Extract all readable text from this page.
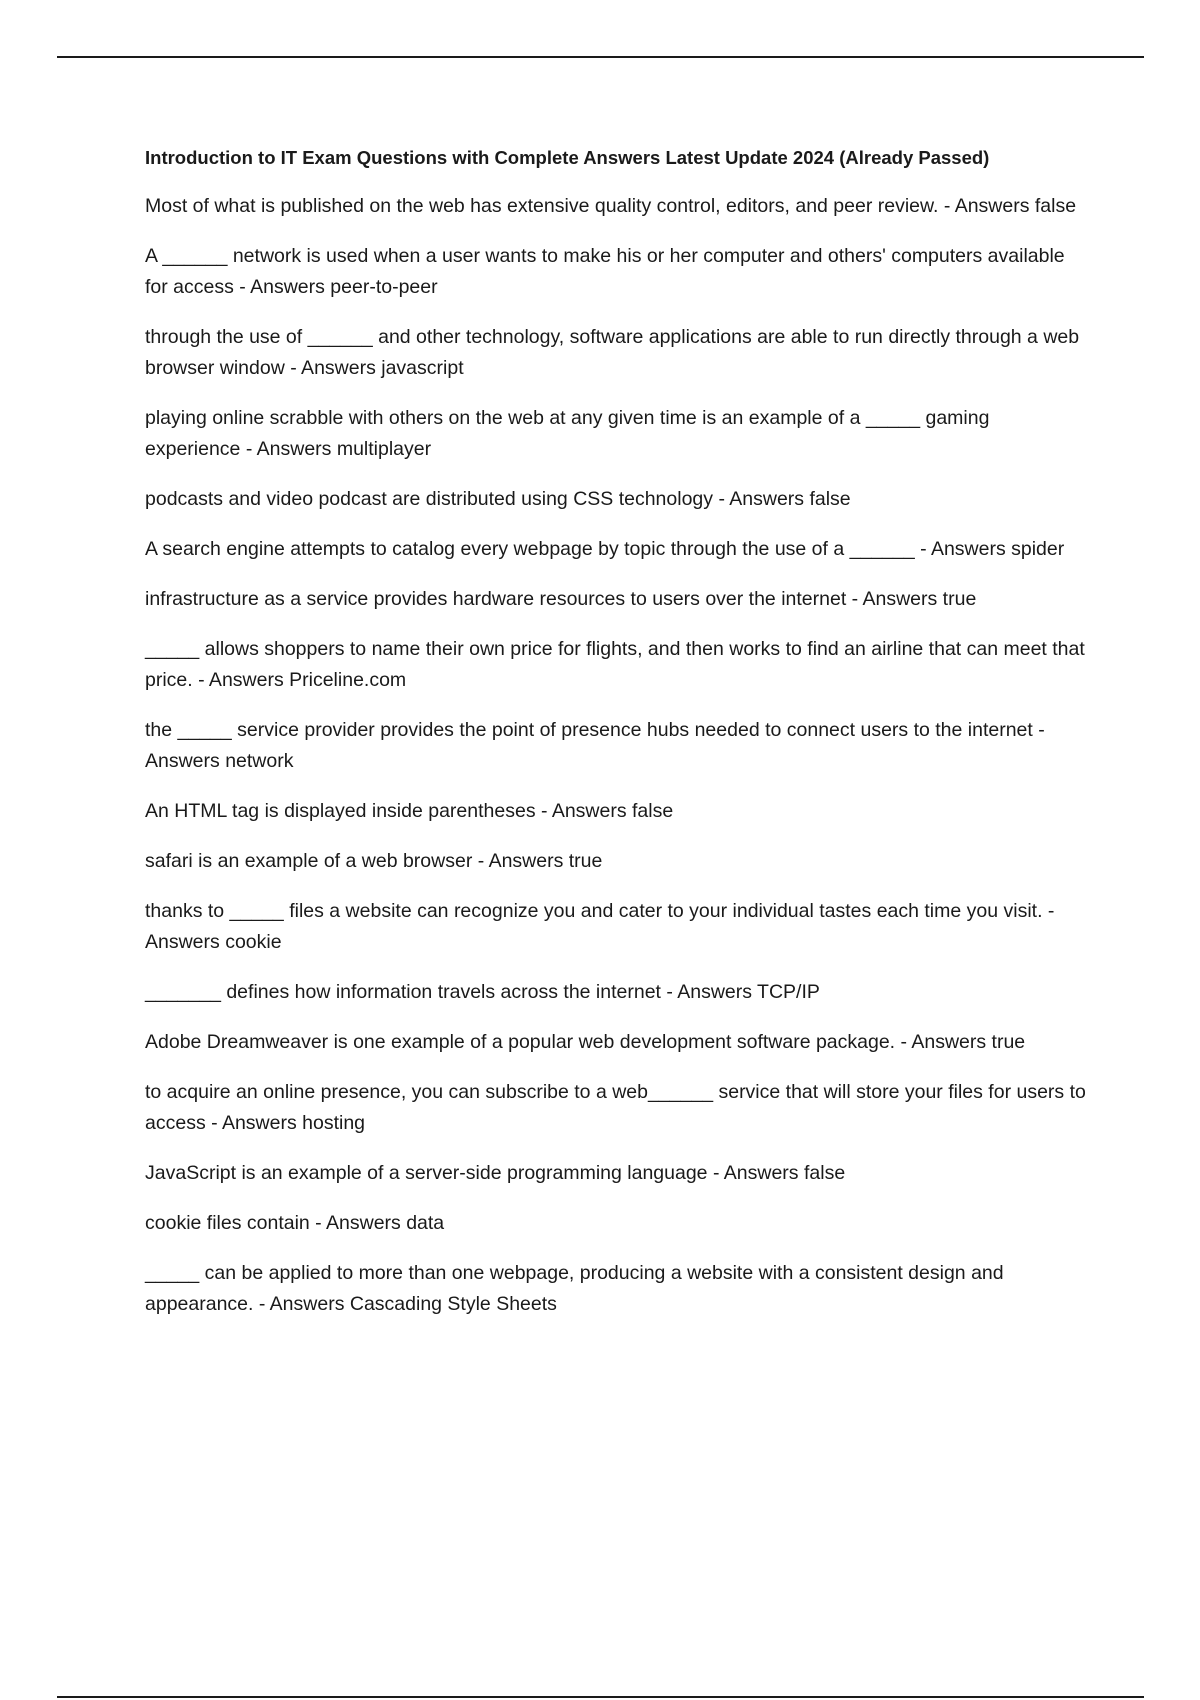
Introduction to IT Exam Questions with Complete Answers Latest Update 2024 (Already Passed)

Most of what is published on the web has extensive quality control, editors, and peer review. - Answers false

A ______ network is used when a user wants to make his or her computer and others' computers available for access - Answers peer-to-peer

through the use of ______ and other technology, software applications are able to run directly through a web browser window - Answers javascript

playing online scrabble with others on the web at any given time is an example of a _____ gaming experience - Answers multiplayer

podcasts and video podcast are distributed using CSS technology - Answers false

A search engine attempts to catalog every webpage by topic through the use of a ______ - Answers spider

infrastructure as a service provides hardware resources to users over the internet - Answers true

_____ allows shoppers to name their own price for flights, and then works to find an airline that can meet that price. - Answers Priceline.com

the _____ service provider provides the point of presence hubs needed to connect users to the internet - Answers network

An HTML tag is displayed inside parentheses - Answers false

safari is an example of a web browser - Answers true

thanks to _____ files a website can recognize you and cater to your individual tastes each time you visit. - Answers cookie

_______ defines how information travels across the internet - Answers TCP/IP

Adobe Dreamweaver is one example of a popular web development software package. - Answers true

to acquire an online presence, you can subscribe to a web______ service that will store your files for users to access - Answers hosting

JavaScript is an example of a server-side programming language - Answers false

cookie files contain - Answers data

_____ can be applied to more than one webpage, producing a website with a consistent design and appearance. - Answers Cascading Style Sheets
